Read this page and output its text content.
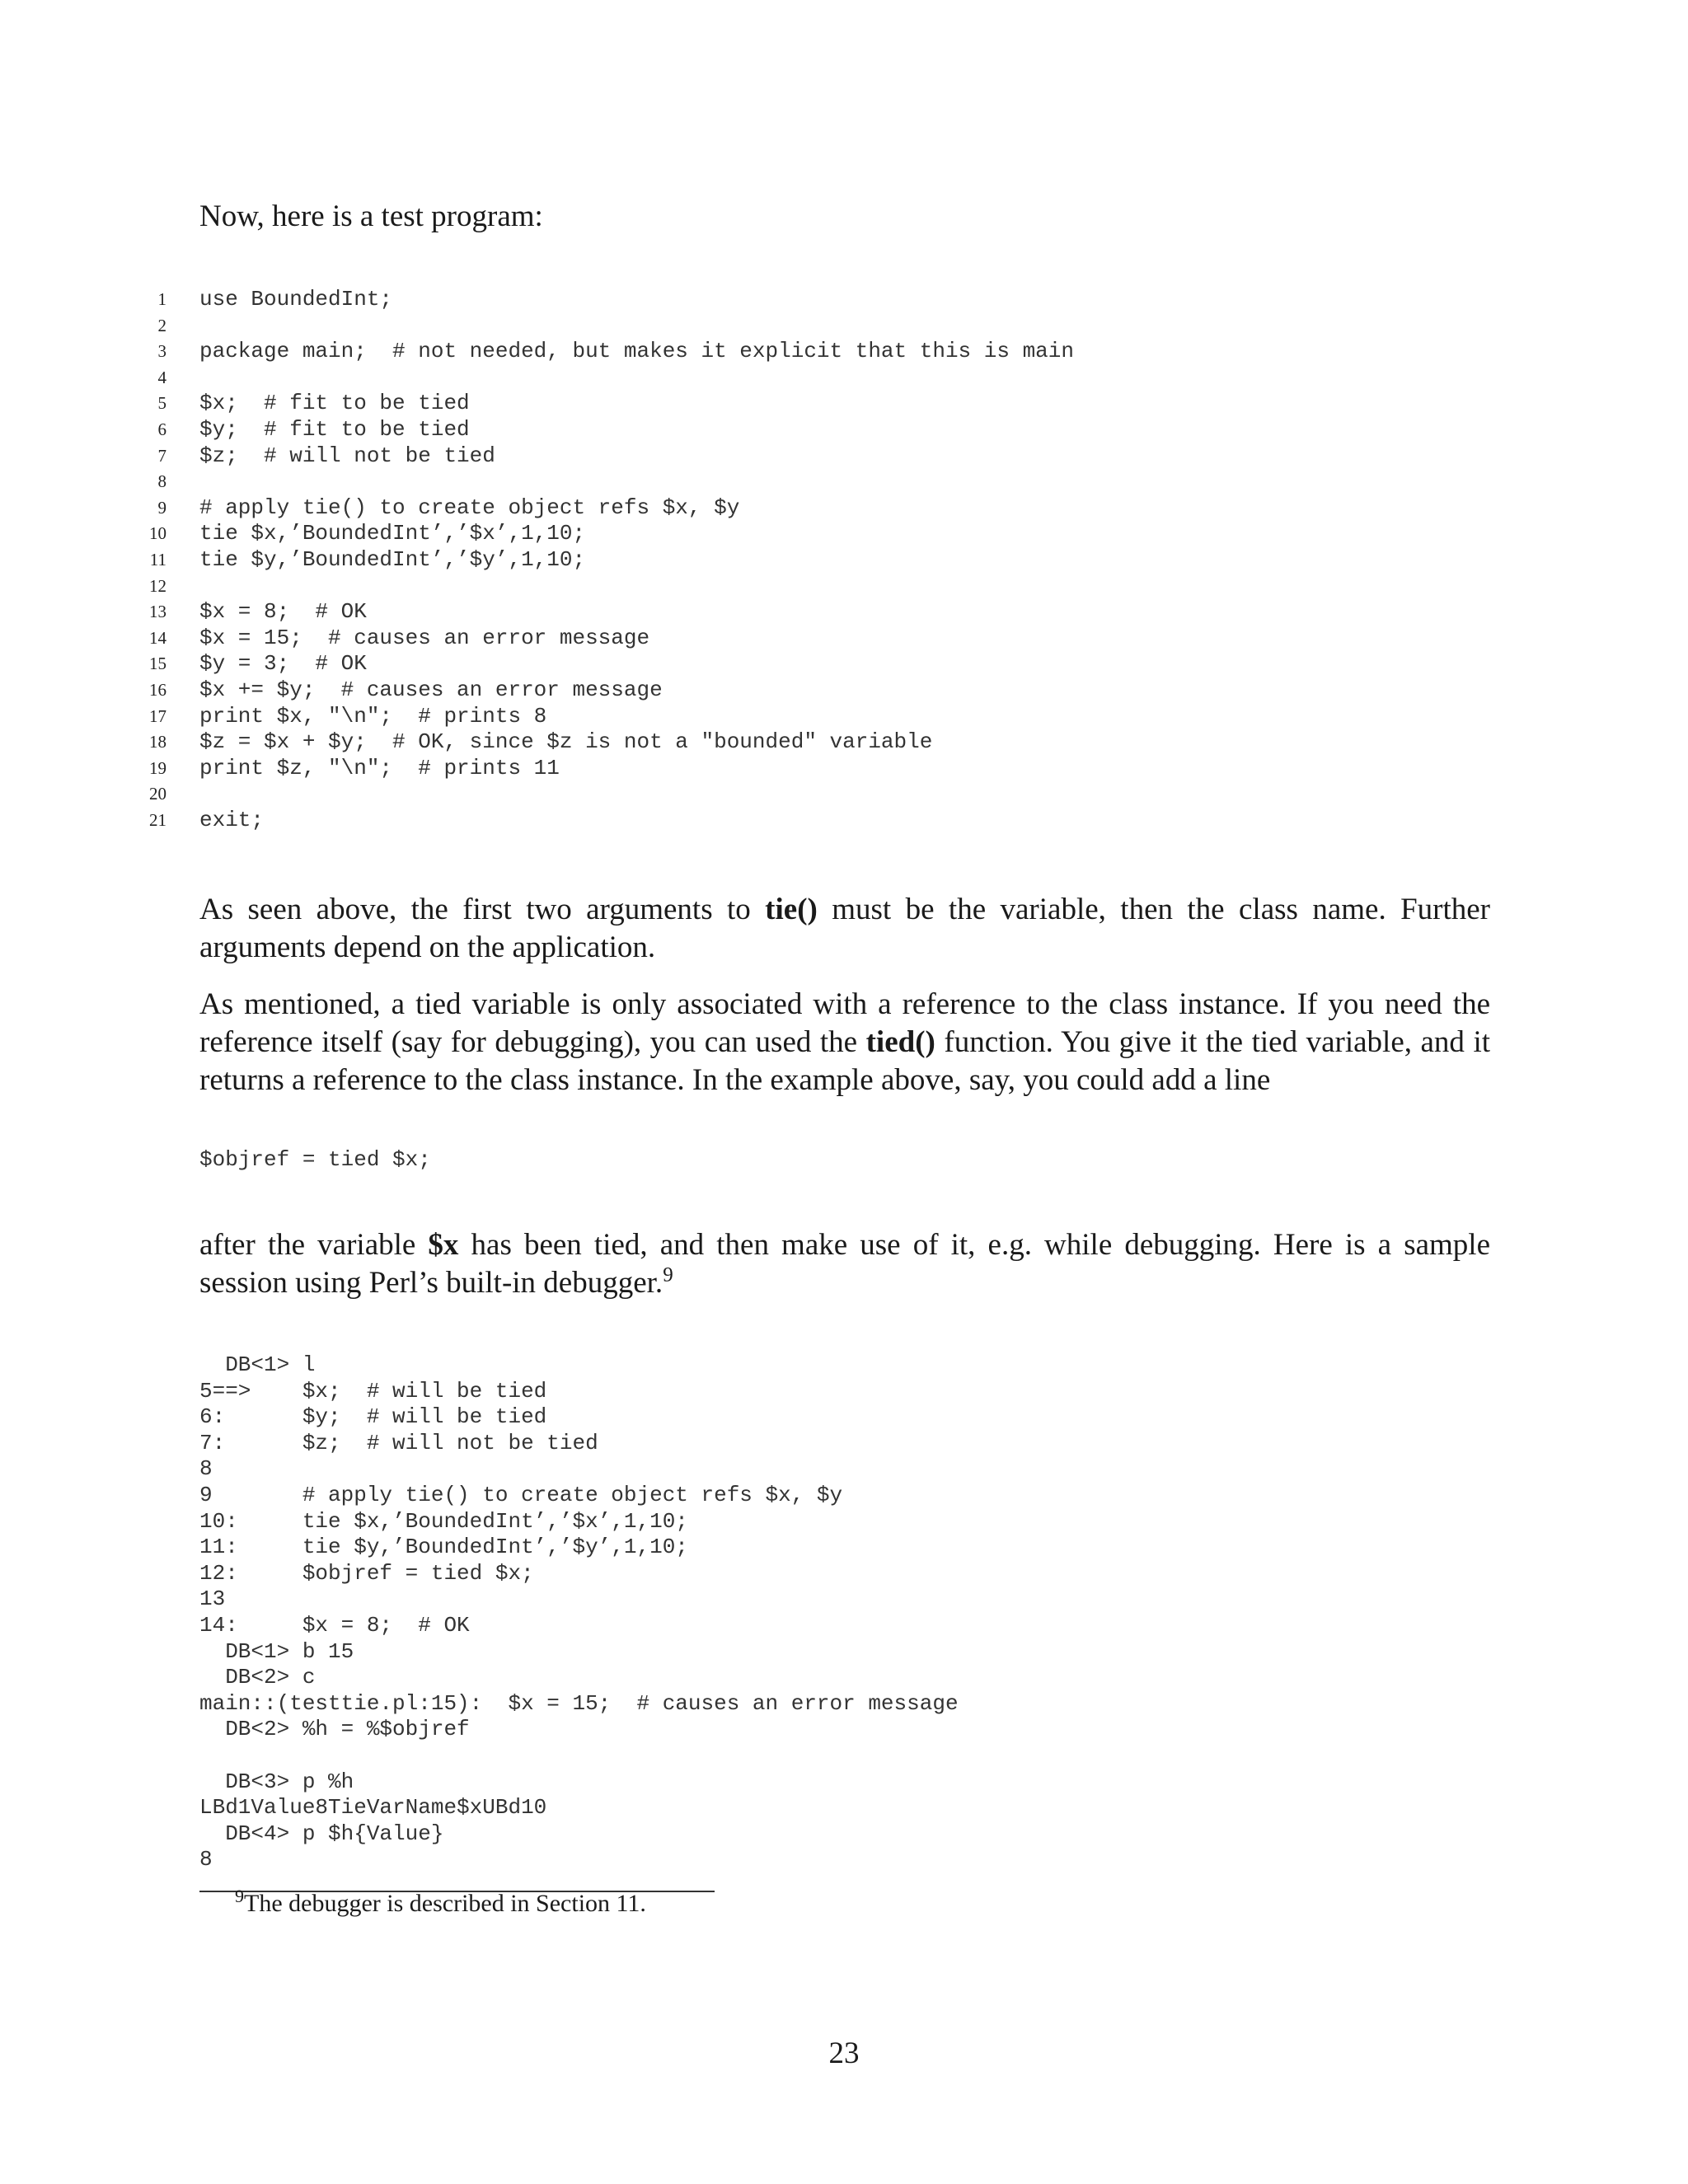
Now, here is a test program:

1 use BoundedInt;
2
3 package main;  # not needed, but makes it explicit that this is main
4
5 $x;  # fit to be tied
6 $y;  # fit to be tied
7 $z;  # will not be tied
8
9 # apply tie() to create object refs $x, $y
10 tie $x,’BoundedInt’,’$x’,1,10;
11 tie $y,’BoundedInt’,’$y’,1,10;
12
13 $x = 8;  # OK
14 $x = 15;  # causes an error message
15 $y = 3;  # OK
16 $x += $y;  # causes an error message
17 print $x, "\n";  # prints 8
18 $z = $x + $y;  # OK, since $z is not a "bounded" variable
19 print $z, "\n";  # prints 11
20
21 exit;

As seen above, the first two arguments to tie() must be the variable, then the class name. Further arguments depend on the application.

As mentioned, a tied variable is only associated with a reference to the class instance. If you need the reference itself (say for debugging), you can used the tied() function. You give it the tied variable, and it returns a reference to the class instance. In the example above, say, you could add a line

$objref = tied $x;

after the variable $x has been tied, and then make use of it, e.g. while debugging. Here is a sample session using Perl’s built-in debugger.$^9$

DB<1> l
5==>    $x;  # will be tied
6:      $y;  # will be tied
7:      $z;  # will not be tied
8
9       # apply tie() to create object refs $x, $y
10:     tie $x,’BoundedInt’,’$x’,1,10;
11:     tie $y,’BoundedInt’,’$y’,1,10;
12:     $objref = tied $x;
13
14:     $x = 8;  # OK
DB<1> b 15
DB<2> c
main::(testtie.pl:15):  $x = 15;  # causes an error message
DB<2> %h = %$objref
DB<3> p %h
LBd1Value8TieVarName$xUBd10
DB<4> p $h{Value}
8

$^9$The debugger is described in Section 11.

23
